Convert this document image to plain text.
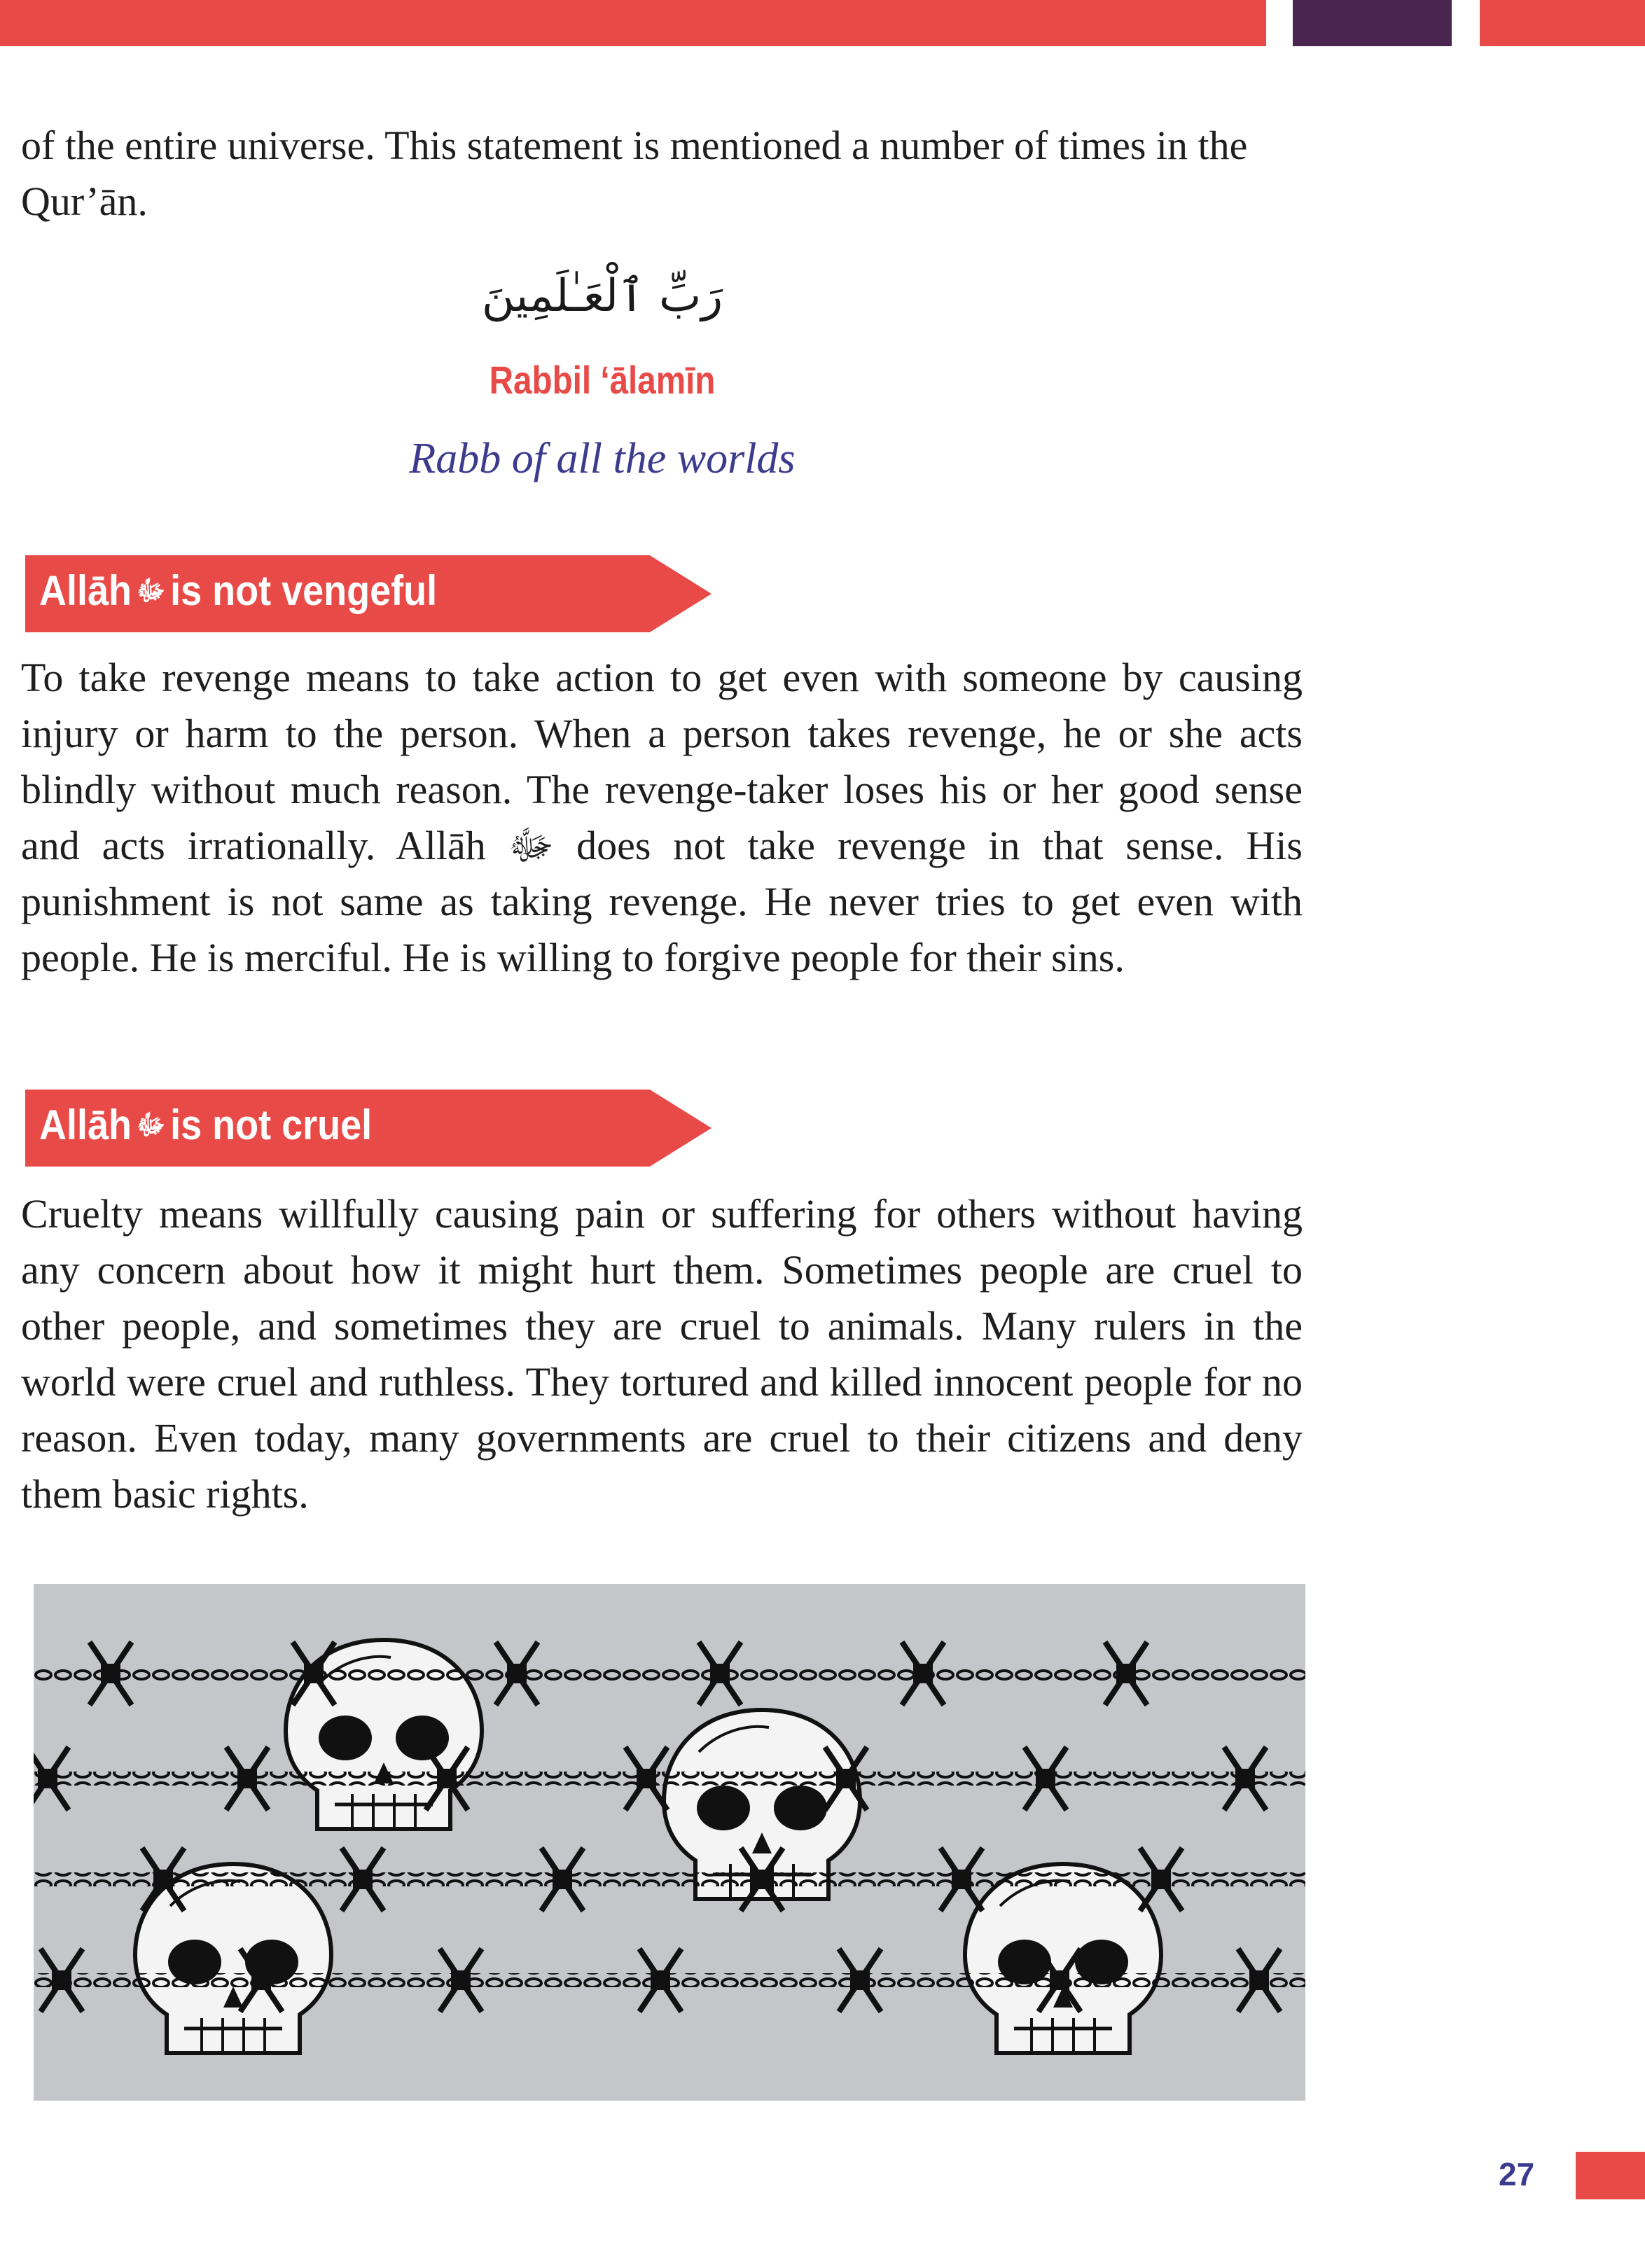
of the entire universe. This statement is mentioned a number of times in the Qur’ān.

رَبِّ ٱلْعَـٰلَمِينَ
Rabbil ‘ālamīn
Rabb of all the worlds
Allāh ﷻ is not vengeful

To take revenge means to take action to get even with someone by causing injury or harm to the person. When a person takes revenge, he or she acts blindly without much reason. The revenge-taker loses his or her good sense and acts irrationally. Allāh ﷻ does not take revenge in that sense. His punishment is not same as taking revenge. He never tries to get even with people. He is merciful. He is willing to forgive people for their sins.

Allāh ﷻ is not cruel

Cruelty means willfully causing pain or suffering for others without having any concern about how it might hurt them. Sometimes people are cruel to other people, and sometimes they are cruel to animals. Many rulers in the world were cruel and ruthless. They tortured and killed innocent people for no reason. Even today, many governments are cruel to their citizens and deny them basic rights.

27
